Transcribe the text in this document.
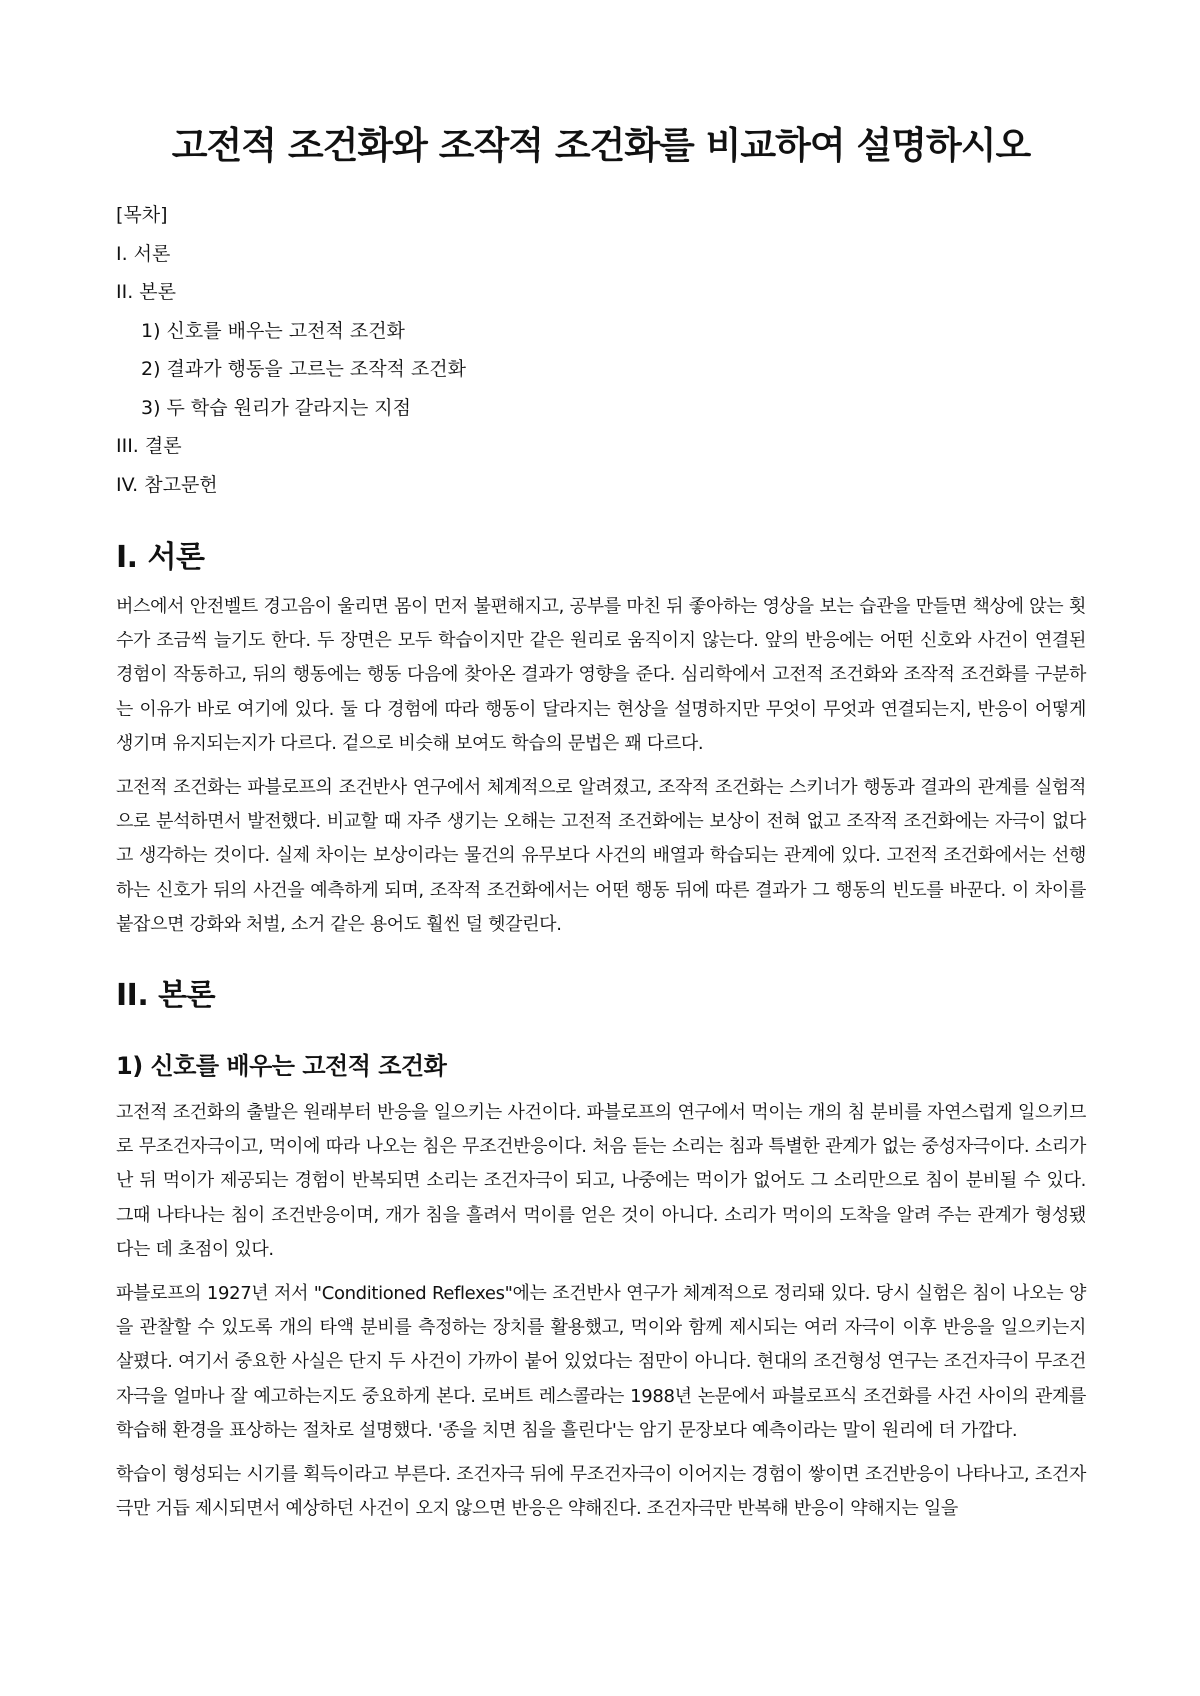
고전적 조건화와 조작적 조건화를 비교하여 설명하시오
[목차]
I. 서론
II. 본론
1) 신호를 배우는 고전적 조건화
2) 결과가 행동을 고르는 조작적 조건화
3) 두 학습 원리가 갈라지는 지점
III. 결론
IV. 참고문헌
I. 서론

버스에서 안전벨트 경고음이 울리면 몸이 먼저 불편해지고, 공부를 마친 뒤 좋아하는 영상을 보는 습관을 만들면 책상에 앉는 횟수가 조금씩 늘기도 한다. 두 장면은 모두 학습이지만 같은 원리로 움직이지 않는다. 앞의 반응에는 어떤 신호와 사건이 연결된 경험이 작동하고, 뒤의 행동에는 행동 다음에 찾아온 결과가 영향을 준다. 심리학에서 고전적 조건화와 조작적 조건화를 구분하는 이유가 바로 여기에 있다. 둘 다 경험에 따라 행동이 달라지는 현상을 설명하지만 무엇이 무엇과 연결되는지, 반응이 어떻게 생기며 유지되는지가 다르다. 겉으로 비슷해 보여도 학습의 문법은 꽤 다르다.

고전적 조건화는 파블로프의 조건반사 연구에서 체계적으로 알려졌고, 조작적 조건화는 스키너가 행동과 결과의 관계를 실험적으로 분석하면서 발전했다. 비교할 때 자주 생기는 오해는 고전적 조건화에는 보상이 전혀 없고 조작적 조건화에는 자극이 없다고 생각하는 것이다. 실제 차이는 보상이라는 물건의 유무보다 사건의 배열과 학습되는 관계에 있다. 고전적 조건화에서는 선행하는 신호가 뒤의 사건을 예측하게 되며, 조작적 조건화에서는 어떤 행동 뒤에 따른 결과가 그 행동의 빈도를 바꾼다. 이 차이를 붙잡으면 강화와 처벌, 소거 같은 용어도 훨씬 덜 헷갈린다.

II. 본론
1) 신호를 배우는 고전적 조건화

고전적 조건화의 출발은 원래부터 반응을 일으키는 사건이다. 파블로프의 연구에서 먹이는 개의 침 분비를 자연스럽게 일으키므로 무조건자극이고, 먹이에 따라 나오는 침은 무조건반응이다. 처음 듣는 소리는 침과 특별한 관계가 없는 중성자극이다. 소리가 난 뒤 먹이가 제공되는 경험이 반복되면 소리는 조건자극이 되고, 나중에는 먹이가 없어도 그 소리만으로 침이 분비될 수 있다. 그때 나타나는 침이 조건반응이며, 개가 침을 흘려서 먹이를 얻은 것이 아니다. 소리가 먹이의 도착을 알려 주는 관계가 형성됐다는 데 초점이 있다.

파블로프의 1927년 저서 "Conditioned Reflexes"에는 조건반사 연구가 체계적으로 정리돼 있다. 당시 실험은 침이 나오는 양을 관찰할 수 있도록 개의 타액 분비를 측정하는 장치를 활용했고, 먹이와 함께 제시되는 여러 자극이 이후 반응을 일으키는지 살폈다. 여기서 중요한 사실은 단지 두 사건이 가까이 붙어 있었다는 점만이 아니다. 현대의 조건형성 연구는 조건자극이 무조건자극을 얼마나 잘 예고하는지도 중요하게 본다. 로버트 레스콜라는 1988년 논문에서 파블로프식 조건화를 사건 사이의 관계를 학습해 환경을 표상하는 절차로 설명했다. '종을 치면 침을 흘린다'는 암기 문장보다 예측이라는 말이 원리에 더 가깝다.

학습이 형성되는 시기를 획득이라고 부른다. 조건자극 뒤에 무조건자극이 이어지는 경험이 쌓이면 조건반응이 나타나고, 조건자극만 거듭 제시되면서 예상하던 사건이 오지 않으면 반응은 약해진다. 조건자극만 반복해 반응이 약해지는 일을
